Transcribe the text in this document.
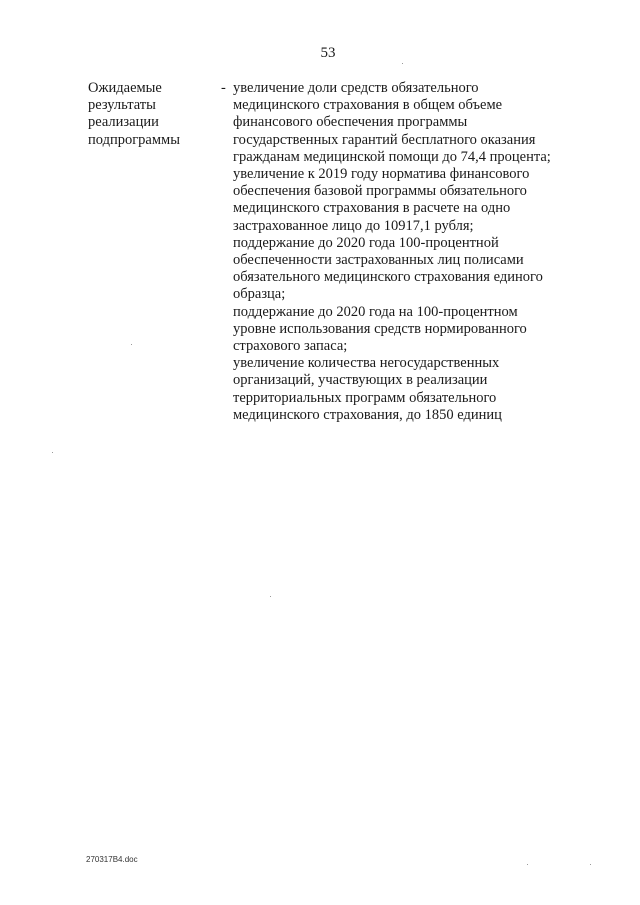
53
Ожидаемые
результаты
реализации
подпрограммы
- увеличение доли средств обязательного
медицинского страхования в общем объеме
финансового обеспечения программы
государственных гарантий бесплатного оказания
гражданам медицинской помощи до 74,4 процента;
увеличение к 2019 году норматива финансового
обеспечения базовой программы обязательного
медицинского страхования в расчете на одно
застрахованное лицо до 10917,1 рубля;
поддержание до 2020 года 100-процентной
обеспеченности застрахованных лиц полисами
обязательного медицинского страхования единого
образца;
поддержание до 2020 года на 100-процентном
уровне использования средств нормированного
страхового запаса;
увеличение количества негосударственных
организаций, участвующих в реализации
территориальных программ обязательного
медицинского страхования, до 1850 единиц
270317B4.doc
